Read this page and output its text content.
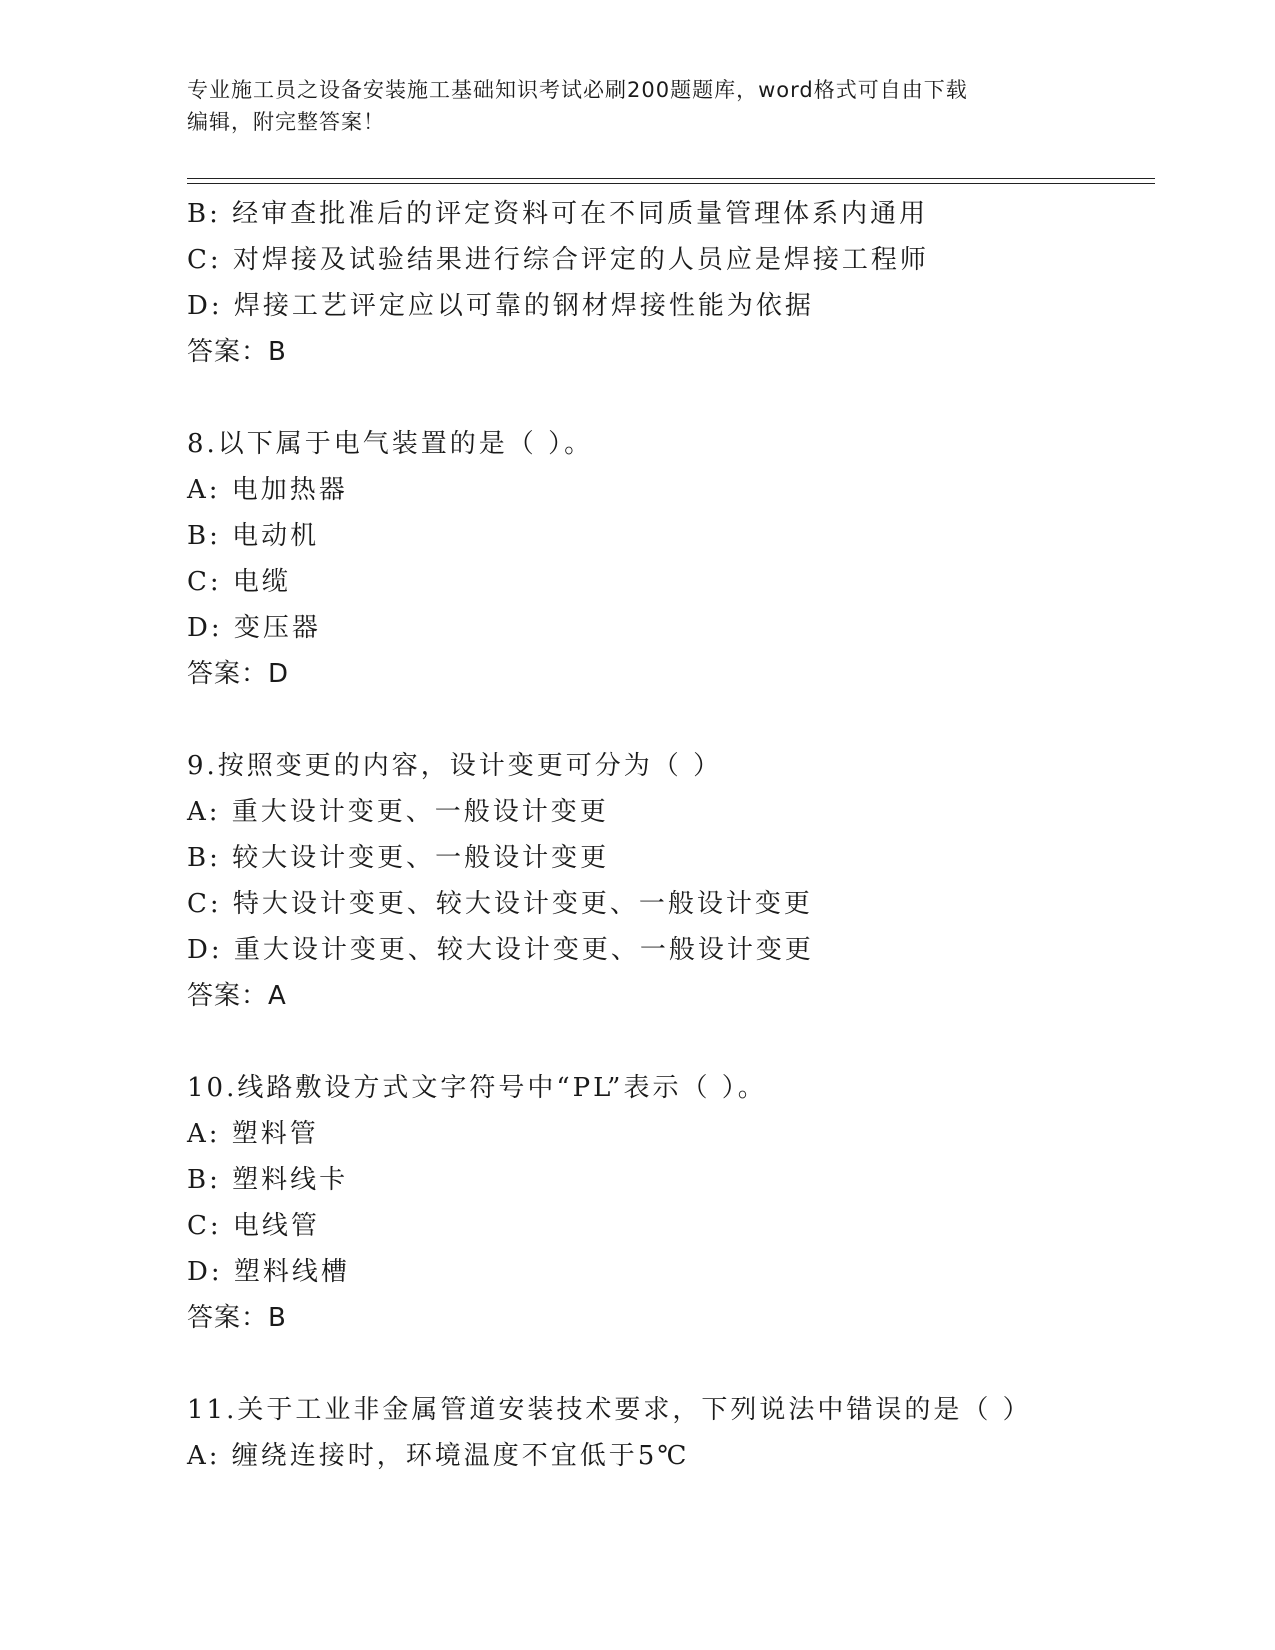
专业施工员之设备安装施工基础知识考试必刷200题题库，word格式可自由下载
编辑，附完整答案！
B: 经审查批准后的评定资料可在不同质量管理体系内通用
C: 对焊接及试验结果进行综合评定的人员应是焊接工程师
D: 焊接工艺评定应以可靠的钢材焊接性能为依据
答案：B
8.以下属于电气装置的是（ ）。
A: 电加热器
B: 电动机
C: 电缆
D: 变压器
答案：D
9.按照变更的内容，设计变更可分为（ ）
A: 重大设计变更、一般设计变更
B: 较大设计变更、一般设计变更
C: 特大设计变更、较大设计变更、一般设计变更
D: 重大设计变更、较大设计变更、一般设计变更
答案：A
10.线路敷设方式文字符号中“PL”表示（ ）。
A: 塑料管
B: 塑料线卡
C: 电线管
D: 塑料线槽
答案：B
11.关于工业非金属管道安装技术要求，下列说法中错误的是（ ）
A: 缠绕连接时，环境温度不宜低于5℃
